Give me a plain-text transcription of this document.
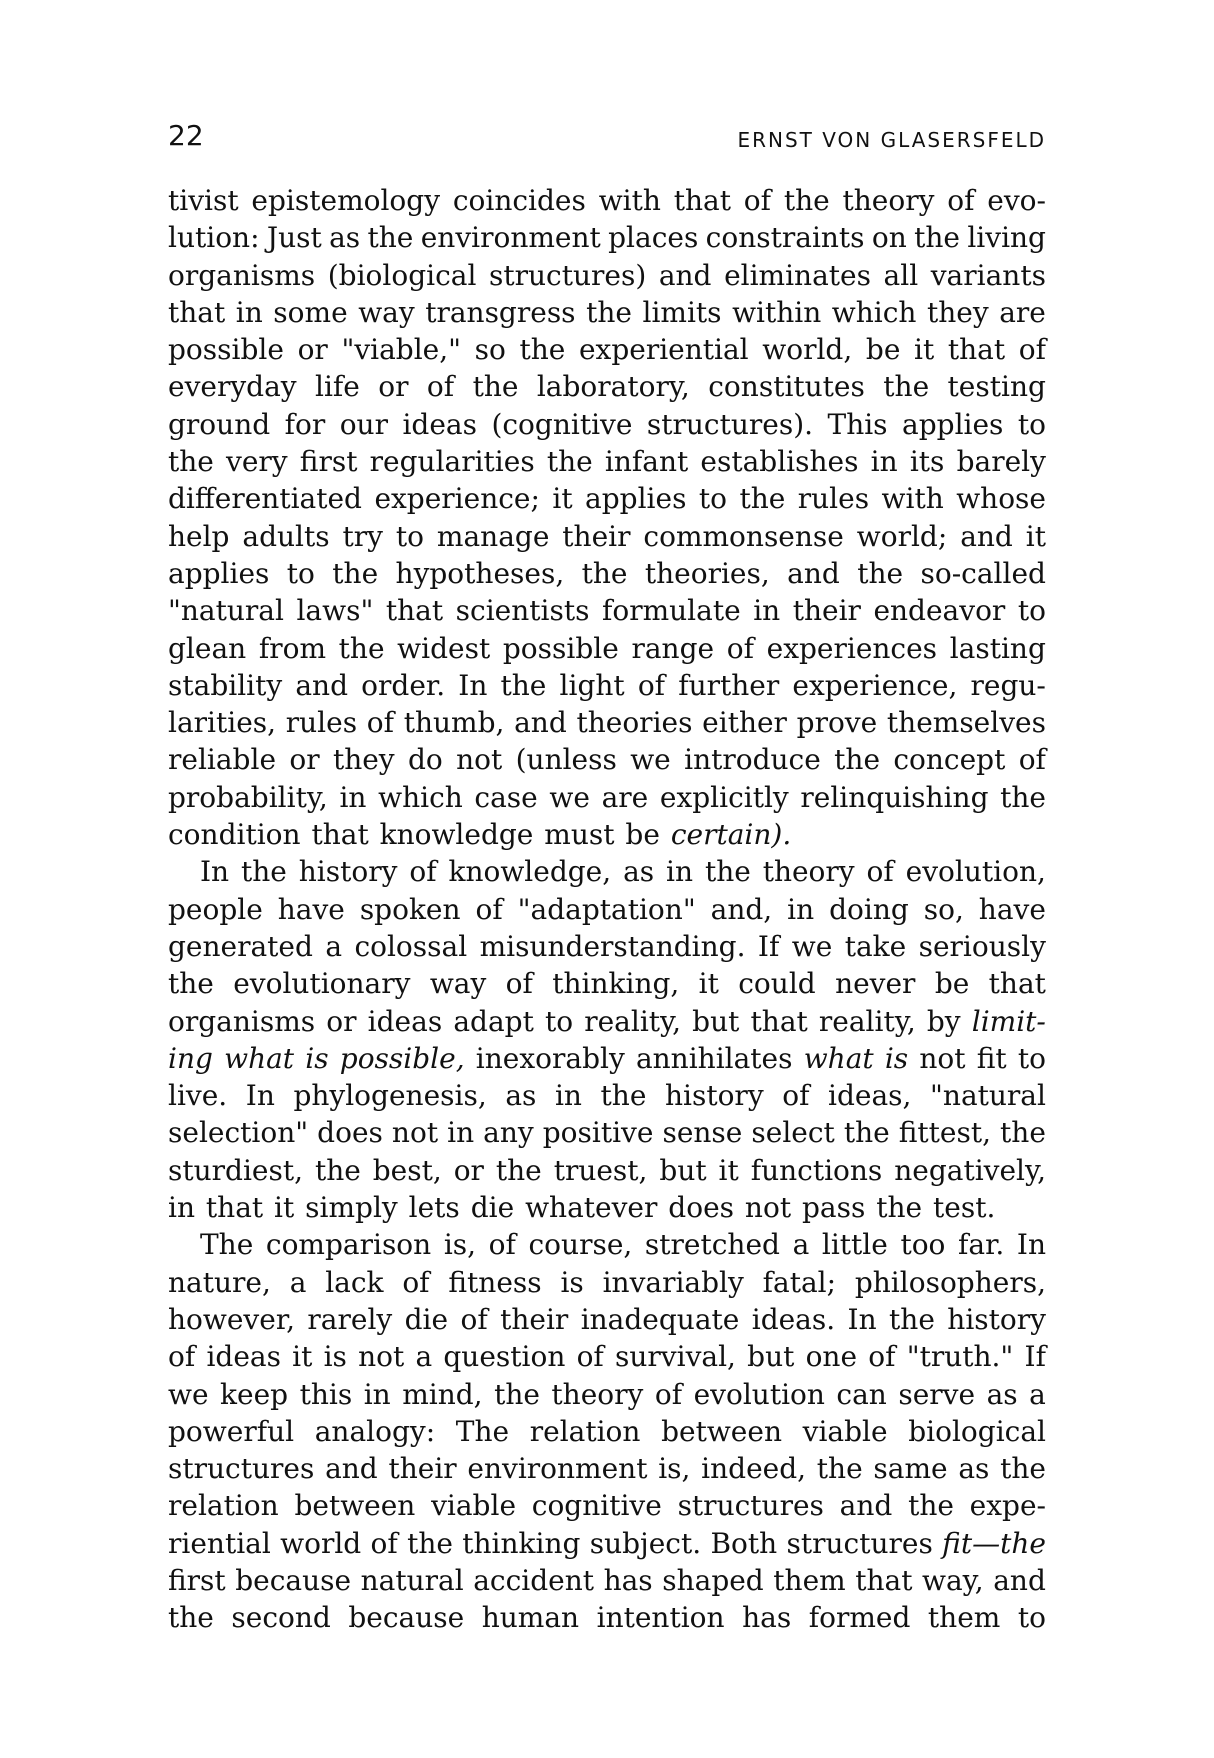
22	ERNST VON GLASERSFELD
tivist epistemology coincides with that of the theory of evo-
lution: Just as the environment places constraints on the living
organisms (biological structures) and eliminates all variants
that in some way transgress the limits within which they are
possible or "viable," so the experiential world, be it that of
everyday life or of the laboratory, constitutes the testing
ground for our ideas (cognitive structures). This applies to
the very first regularities the infant establishes in its barely
differentiated experience; it applies to the rules with whose
help adults try to manage their commonsense world; and it
applies to the hypotheses, the theories, and the so-called
"natural laws" that scientists formulate in their endeavor to
glean from the widest possible range of experiences lasting
stability and order. In the light of further experience, regu-
larities, rules of thumb, and theories either prove themselves
reliable or they do not (unless we introduce the concept of
probability, in which case we are explicitly relinquishing the
condition
that
knowledge
must
be
certain).
In the history of knowledge, as in the theory of evolution,
people have spoken of "adaptation" and, in doing so, have
generated a colossal misunderstanding. If we take seriously
the evolutionary way of thinking, it could never be that
organisms or ideas adapt to reality, but that reality, by limit-
ing what is possible, inexorably annihilates what is not fit to
live. In phylogenesis, as in the history of ideas, "natural
selection" does not in any positive sense select the fittest, the
sturdiest, the best, or the truest, but it functions negatively,
in
that
it
simply
lets
die
whatever
does
not
pass
the
test.
The comparison is, of course, stretched a little too far. In
nature, a lack of fitness is invariably fatal; philosophers,
however, rarely die of their inadequate ideas. In the history
of ideas it is not a question of survival, but one of "truth." If
we keep this in mind, the theory of evolution can serve as a
powerful analogy: The relation between viable biological
structures and their environment is, indeed, the same as the
relation between viable cognitive structures and the expe-
riential world of the thinking subject. Both structures fit—the
first because natural accident has shaped them that way, and
the second because human intention has formed them to
